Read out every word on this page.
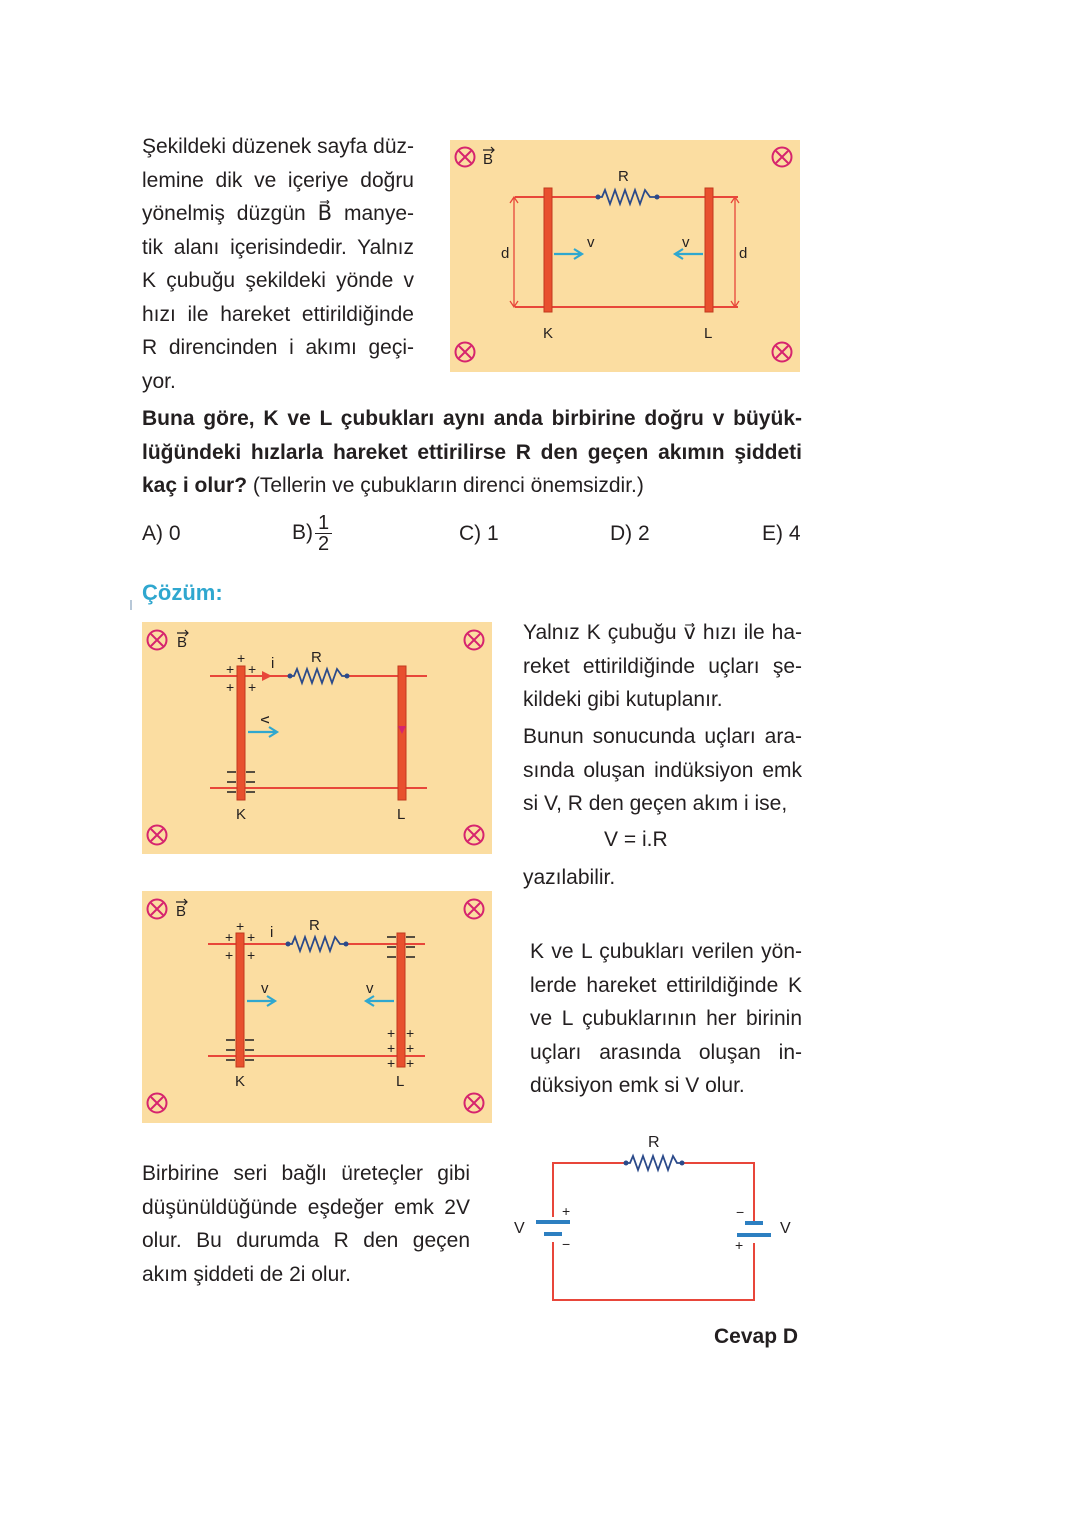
Şekildeki düzenek sayfa düz-
lemine dik ve içeriye doğru
yönelmiş düzgün B⃗ manye-
tik alanı içerisindedir. Yalnız
K çubuğu şekildeki yönde v
hızı ile hareket ettirildiğinde
R direncinden i akımı geçi-
yor.
Buna göre, K ve L çubukları aynı anda birbirine doğru v büyük-
lüğündeki hızlarla hareket ettirilirse R den geçen akımın şiddeti
kaç i olur? (Tellerin ve çubukların direnci önemsizdir.)
A) 0	$B) \frac{1}{2}$	C) 1	D) 2	E) 4
B
R
K	L
d	d
v	v
Çözüm:
B
i R
+
+ +
+ +
v
K	L
B
i R
+
+ +
+ +
+ +
+ +
+ +
v	v
K	L
Yalnız K çubuğu v⃗ hızı ile ha-
reket ettirildiğinde uçları şe-
kildeki gibi kutuplanır.
Bunun sonucunda uçları ara-
sında oluşan indüksiyon emk
si V, R den geçen akım i ise,
V = i.R
yazılabilir.
K ve L çubukları verilen yön-
lerde hareket ettirildiğinde K
ve L çubuklarının her birinin
uçları arasında oluşan in-
düksiyon emk si V olur.
Birbirine seri bağlı üreteçler gibi
düşünüldüğünde eşdeğer emk 2V
olur. Bu durumda R den geçen
akım şiddeti de 2i olur.
R
+
−
V
−
+
V
Cevap D
